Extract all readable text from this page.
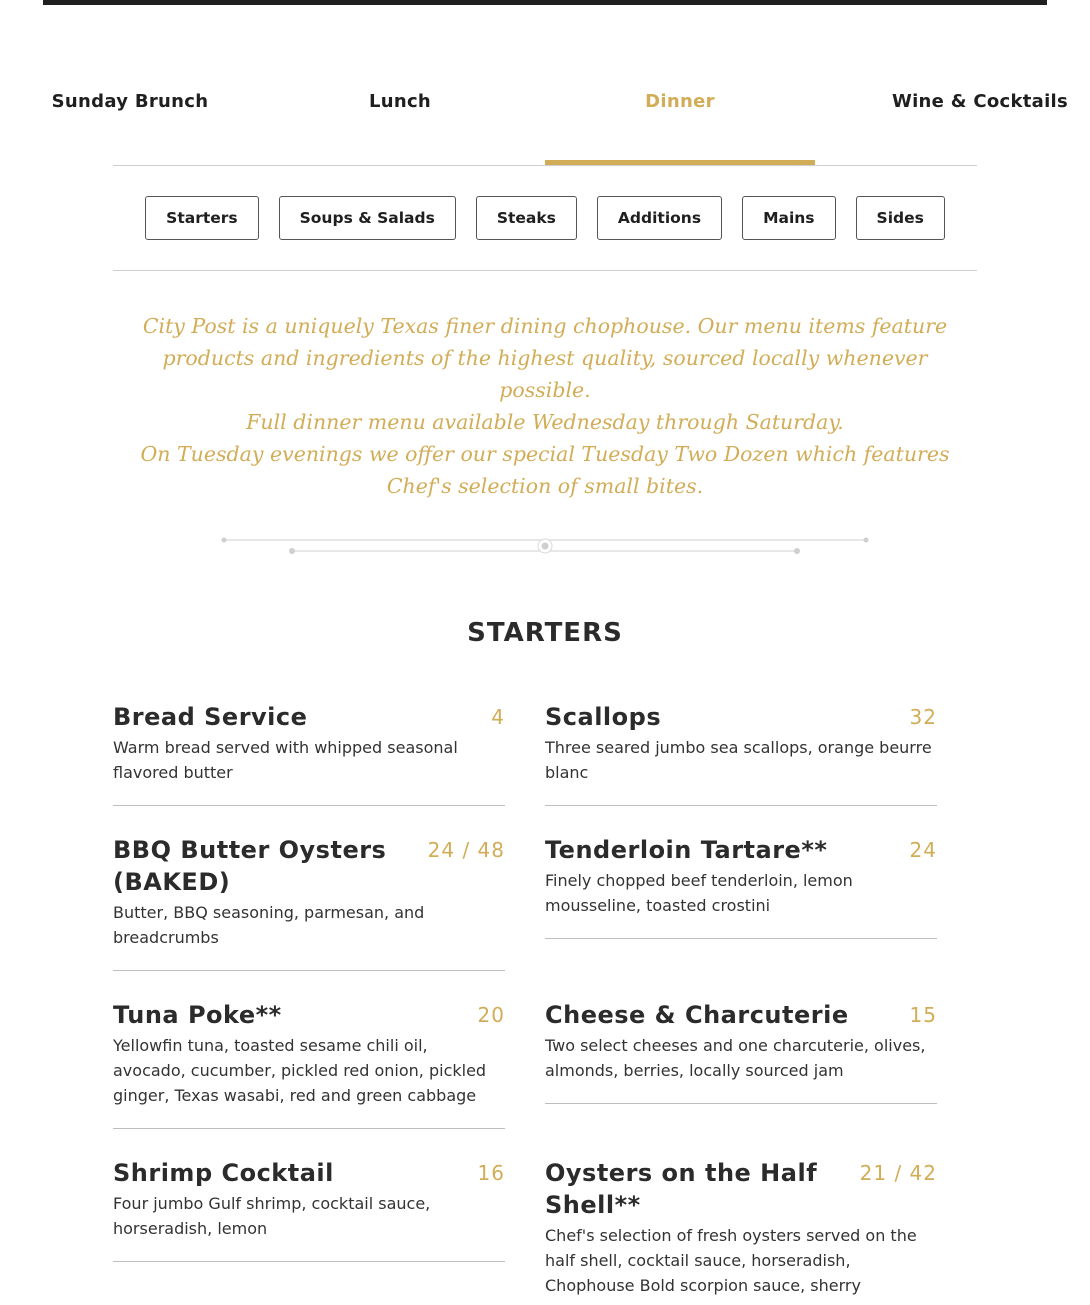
Sunday Brunch	Lunch	Dinner	Wine & Cocktails
Starters	Soups & Salads	Steaks	Additions	Mains	Sides

City Post is a uniquely Texas finer dining chophouse. Our menu items feature products and ingredients of the highest quality, sourced locally whenever possible.

Full dinner menu available Wednesday through Saturday.

On Tuesday evenings we offer our special Tuesday Two Dozen which features Chef's selection of small bites.

STARTERS
Bread Service	4
Warm bread served with whipped seasonal flavored butter
Scallops	32
Three seared jumbo sea scallops, orange beurre blanc
BBQ Butter Oysters (BAKED)
24 / 48
Butter, BBQ seasoning, parmesan, and breadcrumbs
Tenderloin Tartare**	24
Finely chopped beef tenderloin, lemon mousseline, toasted crostini
Tuna Poke**	20
Yellowfin tuna, toasted sesame chili oil, avocado, cucumber, pickled red onion, pickled ginger, Texas wasabi, red and green cabbage
Cheese & Charcuterie	15
Two select cheeses and one charcuterie, olives, almonds, berries, locally sourced jam
Shrimp Cocktail	16
Four jumbo Gulf shrimp, cocktail sauce, horseradish, lemon
Oysters on the Half Shell**
21 / 42
Chef's selection of fresh oysters served on the half shell, cocktail sauce, horseradish, Chophouse Bold scorpion sauce, sherry
